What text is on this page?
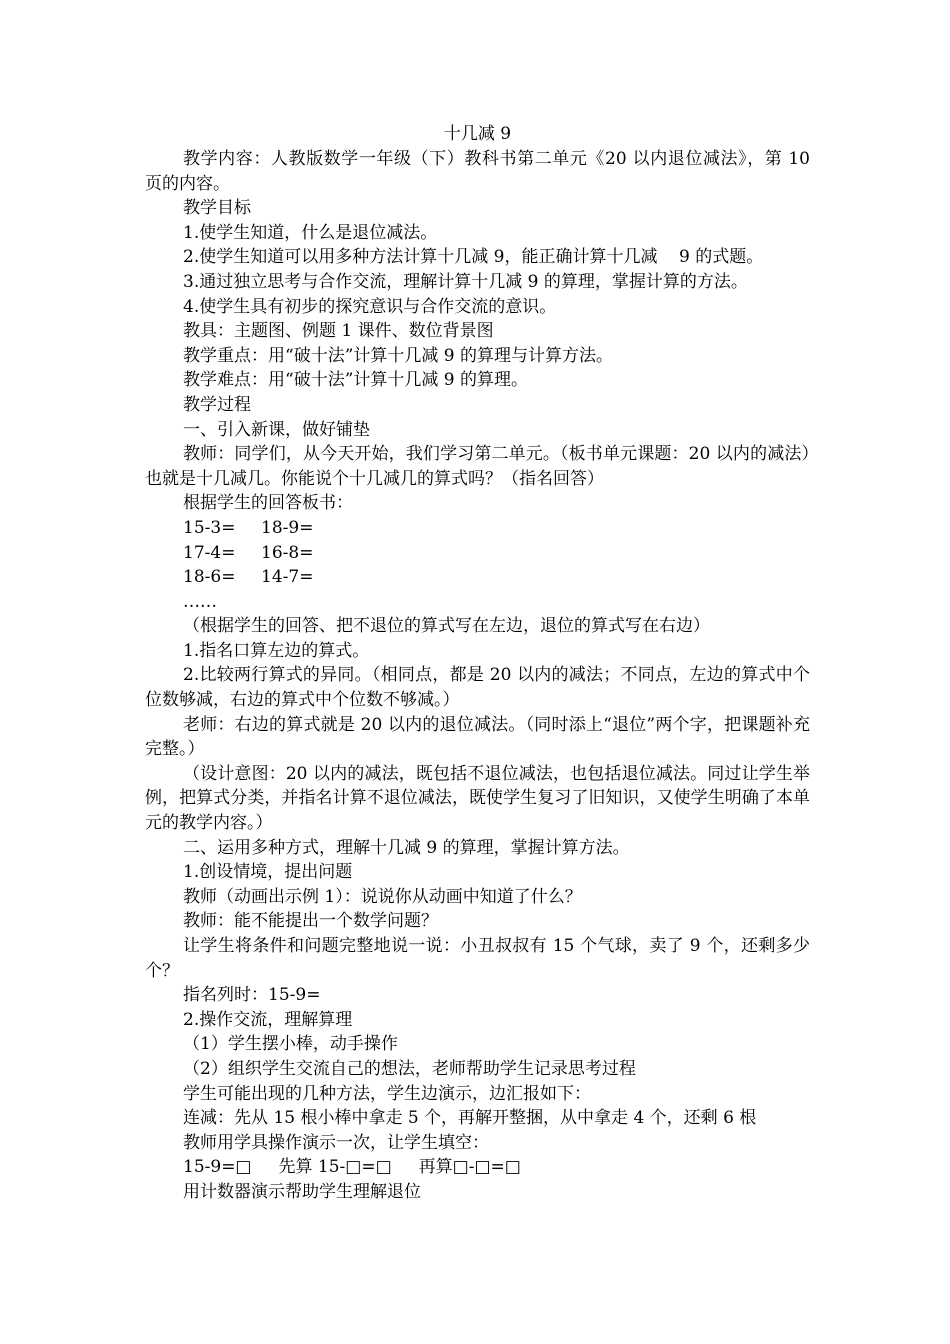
十几减 9
教学内容：人教版数学一年级（下）教科书第二单元《20 以内退位减法》，第 10 页的内容。
教学目标
1.使学生知道，什么是退位减法。
2.使学生知道可以用多种方法计算十几减 9，能正确计算十几减    9 的式题。
3.通过独立思考与合作交流，理解计算十几减 9 的算理，掌握计算的方法。
4.使学生具有初步的探究意识与合作交流的意识。
教具：主题图、例题 1 课件、数位背景图
教学重点：用“破十法”计算十几减 9 的算理与计算方法。
教学难点：用“破十法”计算十几减 9 的算理。
教学过程
一、引入新课，做好铺垫
教师：同学们，从今天开始，我们学习第二单元。（板书单元课题：20 以内的减法）也就是十几减几。你能说个十几减几的算式吗？（指名回答）
根据学生的回答板书：
15-3= 18-9=
17-4= 16-8=
18-6= 14-7=
……
（根据学生的回答、把不退位的算式写在左边，退位的算式写在右边）
1.指名口算左边的算式。
2.比较两行算式的异同。（相同点，都是 20 以内的减法；不同点，左边的算式中个位数够减，右边的算式中个位数不够减。）
老师：右边的算式就是 20 以内的退位减法。（同时添上“退位”两个字，把课题补充完整。）
（设计意图：20 以内的减法，既包括不退位减法，也包括退位减法。同过让学生举例，把算式分类，并指名计算不退位减法，既使学生复习了旧知识，又使学生明确了本单元的教学内容。）
二、运用多种方式，理解十几减 9 的算理，掌握计算方法。
1.创设情境，提出问题
教师（动画出示例 1）：说说你从动画中知道了什么？
教师：能不能提出一个数学问题？
让学生将条件和问题完整地说一说：小丑叔叔有 15 个气球，卖了 9 个，还剩多少个？
指名列时：15-9=
2.操作交流，理解算理
（1）学生摆小棒，动手操作
（2）组织学生交流自己的想法，老师帮助学生记录思考过程
学生可能出现的几种方法，学生边演示，边汇报如下：
连减：先从 15 根小棒中拿走 5 个，再解开整捆，从中拿走 4 个，还剩 6 根
教师用学具操作演示一次，让学生填空：
15-9=□     先算 15-□=□     再算□-□=□
用计数器演示帮助学生理解退位
